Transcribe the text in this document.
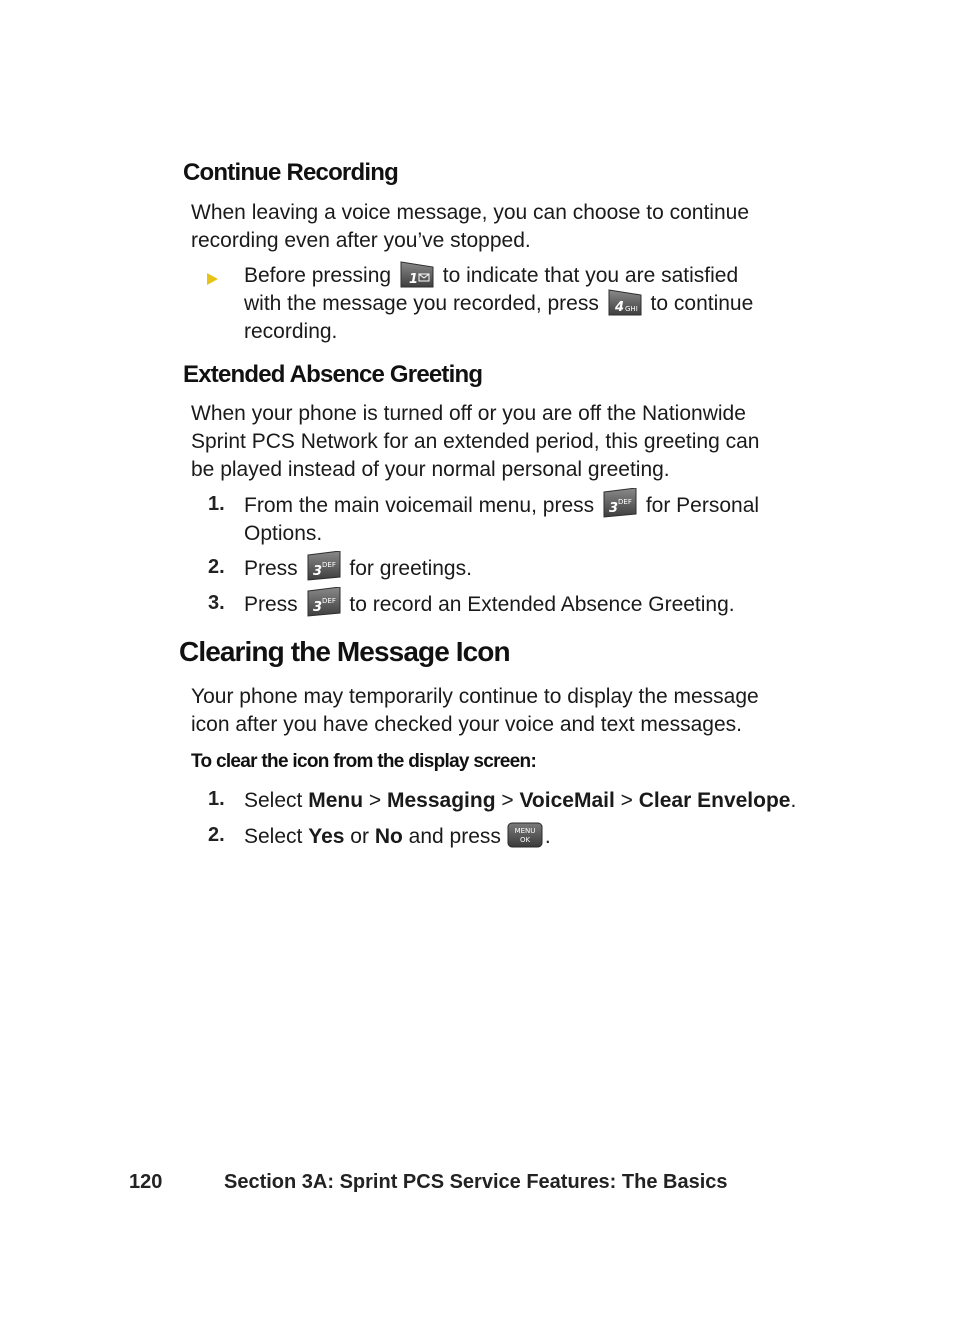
Continue Recording
When leaving a voice message, you can choose to continue
recording even after you’ve stopped.
Before pressing 1 to indicate that you are satisfied
with the message you recorded, press 4 GHI to continue
recording.
Extended Absence Greeting
When your phone is turned off or you are off the Nationwide
Sprint PCS Network for an extended period, this greeting can
be played instead of your normal personal greeting.
1. From the main voicemail menu, press 3 DEF for Personal
Options.
2. Press 3 DEF for greetings.
3. Press 3 DEF to record an Extended Absence Greeting.
Clearing the Message Icon
Your phone may temporarily continue to display the message
icon after you have checked your voice and text messages.
To clear the icon from the display screen:
1. Select Menu > Messaging > VoiceMail > Clear Envelope.
2. Select Yes or No and press MENU
OK .
120	Section 3A: Sprint PCS Service Features: The Basics
